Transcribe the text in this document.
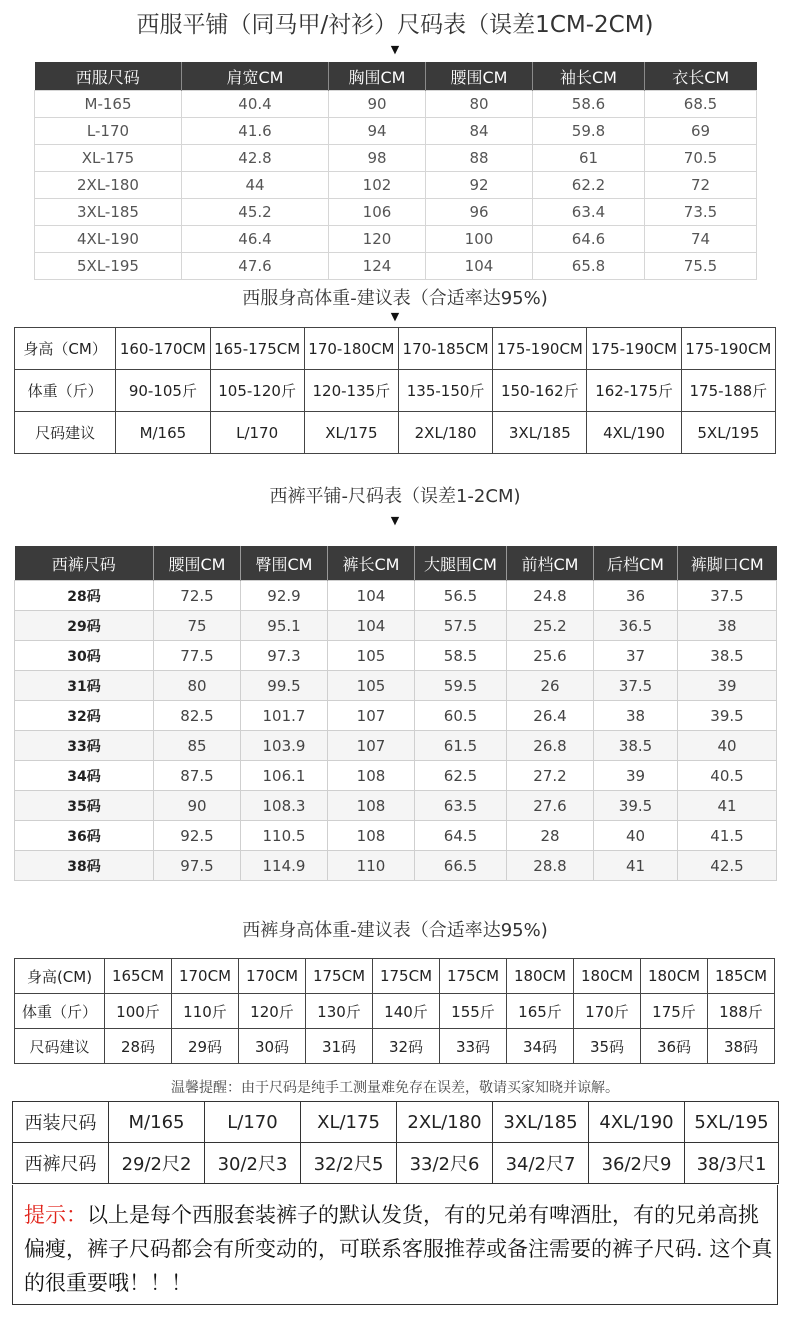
西服平铺（同马甲/衬衫）尺码表（误差1CM-2CM)
▼
西服尺码	肩宽CM	胸围CM	腰围CM	袖长CM	衣长CM
M-165	40.4	90	80	58.6	68.5
L-170	41.6	94	84	59.8	69
XL-175	42.8	98	88	61	70.5
2XL-180	44	102	92	62.2	72
3XL-185	45.2	106	96	63.4	73.5
4XL-190	46.4	120	100	64.6	74
5XL-195	47.6	124	104	65.8	75.5
西服身高体重-建议表（合适率达95%)
▼
身高（CM）	160-170CM	165-175CM	170-180CM	170-185CM	175-190CM	175-190CM	175-190CM
体重（斤）	90-105斤	105-120斤	120-135斤	135-150斤	150-162斤	162-175斤	175-188斤
尺码建议	M/165	L/170	XL/175	2XL/180	3XL/185	4XL/190	5XL/195
西裤平铺-尺码表（误差1-2CM)
▼
西裤尺码	腰围CM	臀围CM	裤长CM	大腿围CM	前档CM	后档CM	裤脚口CM
28码	72.5	92.9	104	56.5	24.8	36	37.5
29码	75	95.1	104	57.5	25.2	36.5	38
30码	77.5	97.3	105	58.5	25.6	37	38.5
31码	80	99.5	105	59.5	26	37.5	39
32码	82.5	101.7	107	60.5	26.4	38	39.5
33码	85	103.9	107	61.5	26.8	38.5	40
34码	87.5	106.1	108	62.5	27.2	39	40.5
35码	90	108.3	108	63.5	27.6	39.5	41
36码	92.5	110.5	108	64.5	28	40	41.5
38码	97.5	114.9	110	66.5	28.8	41	42.5
西裤身高体重-建议表（合适率达95%)
身高(CM)	165CM	170CM	170CM	175CM	175CM	175CM	180CM	180CM	180CM	185CM
体重（斤）	100斤	110斤	120斤	130斤	140斤	155斤	165斤	170斤	175斤	188斤
尺码建议	28码	29码	30码	31码	32码	33码	34码	35码	36码	38码
温馨提醒：由于尺码是纯手工测量难免存在误差，敬请买家知晓并谅解。
西装尺码	M/165	L/170	XL/175	2XL/180	3XL/185	4XL/190	5XL/195
西裤尺码	29/2尺2	30/2尺3	32/2尺5	33/2尺6	34/2尺7	36/2尺9	38/3尺1
提示：以上是每个西服套装裤子的默认发货，有的兄弟有啤酒肚，有的兄弟高挑偏瘦，裤子尺码都会有所变动的，可联系客服推荐或备注需要的裤子尺码. 这个真的很重要哦！！！
